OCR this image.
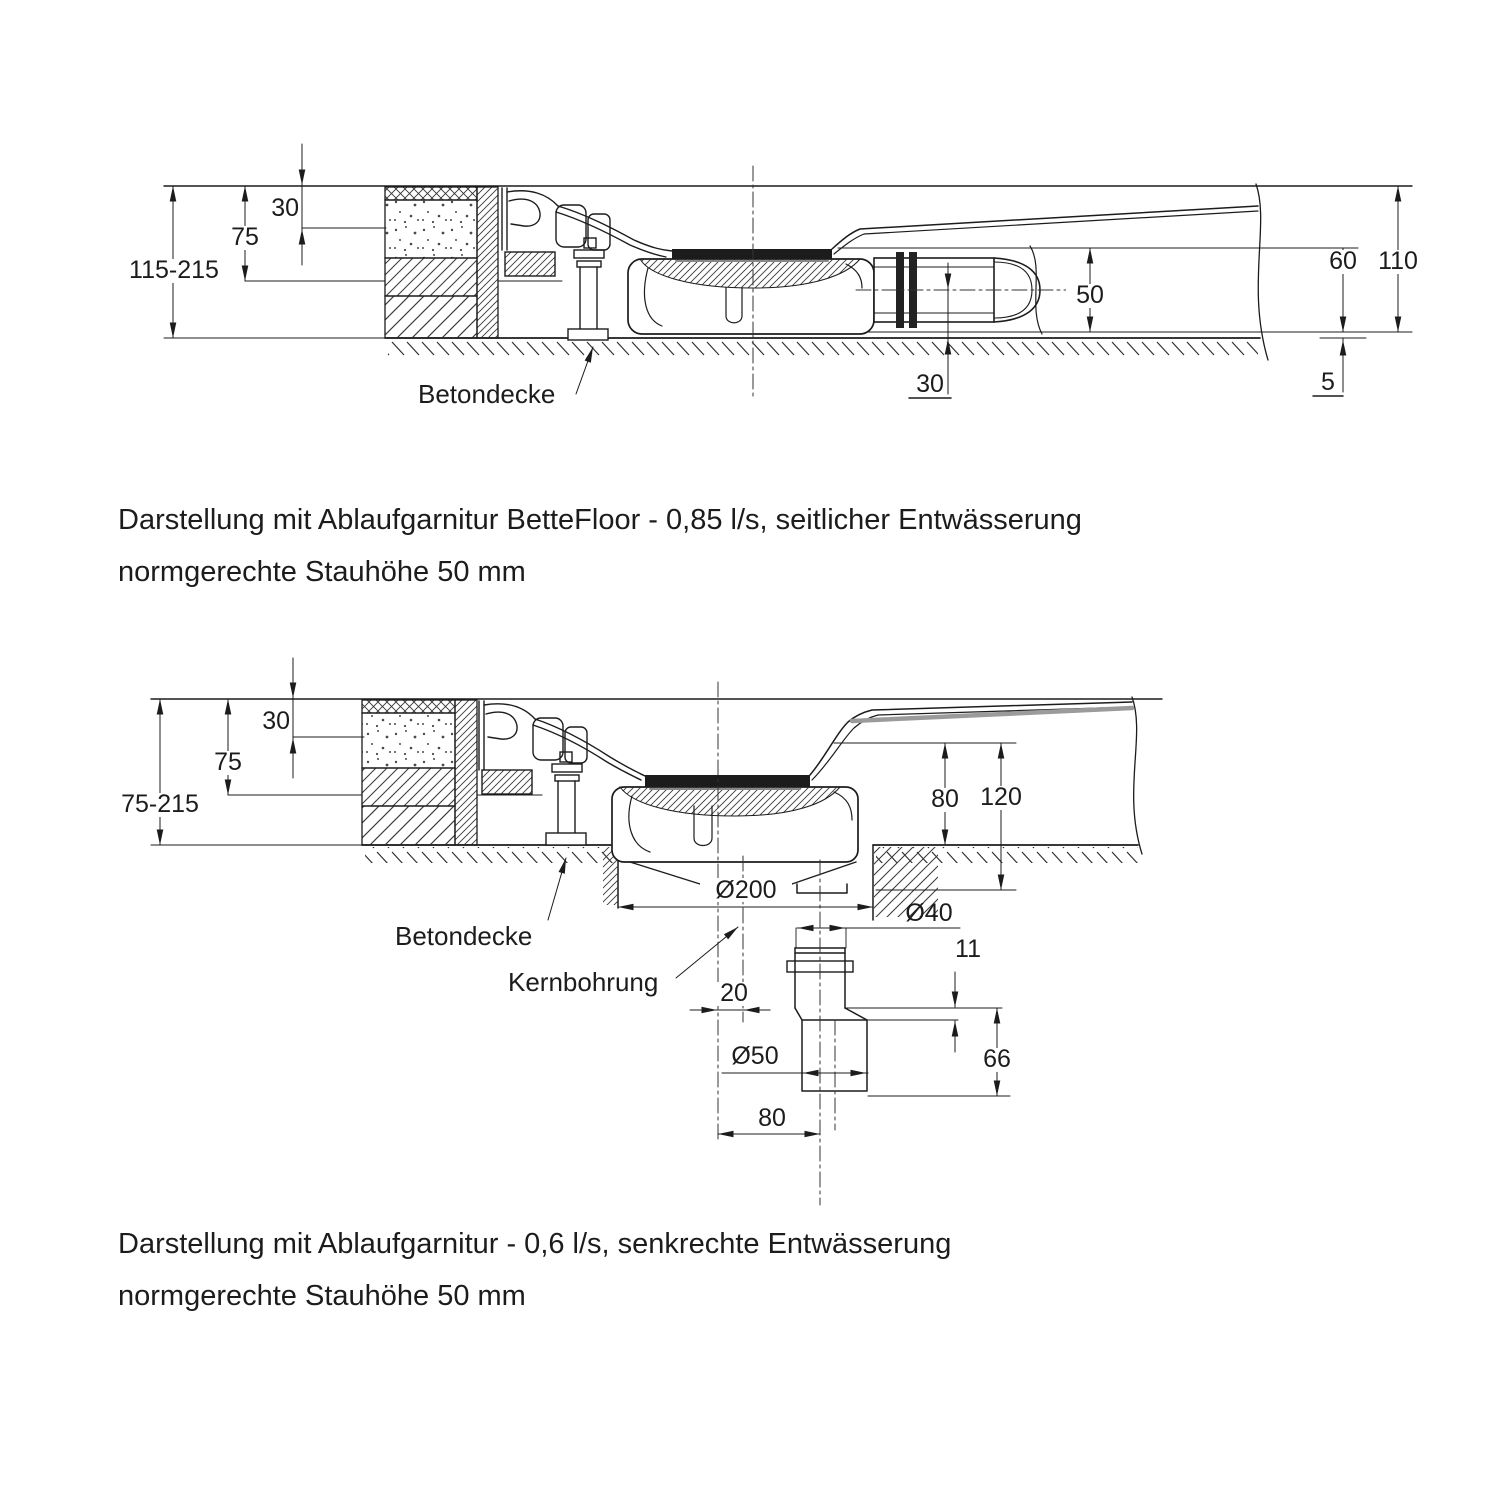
30
75
115-215
50
30
60 110
5
Betondecke
Darstellung mit Ablaufgarnitur BetteFloor - 0,85 l/s, seitlicher Entwässerung
normgerechte Stauhöhe 50 mm
30
75
75-215	80 120
Ø200
Ø40
11
66
20
Ø50
80
Betondecke
Kernbohrung
Darstellung mit Ablaufgarnitur - 0,6 l/s, senkrechte Entwässerung
normgerechte Stauhöhe 50 mm
